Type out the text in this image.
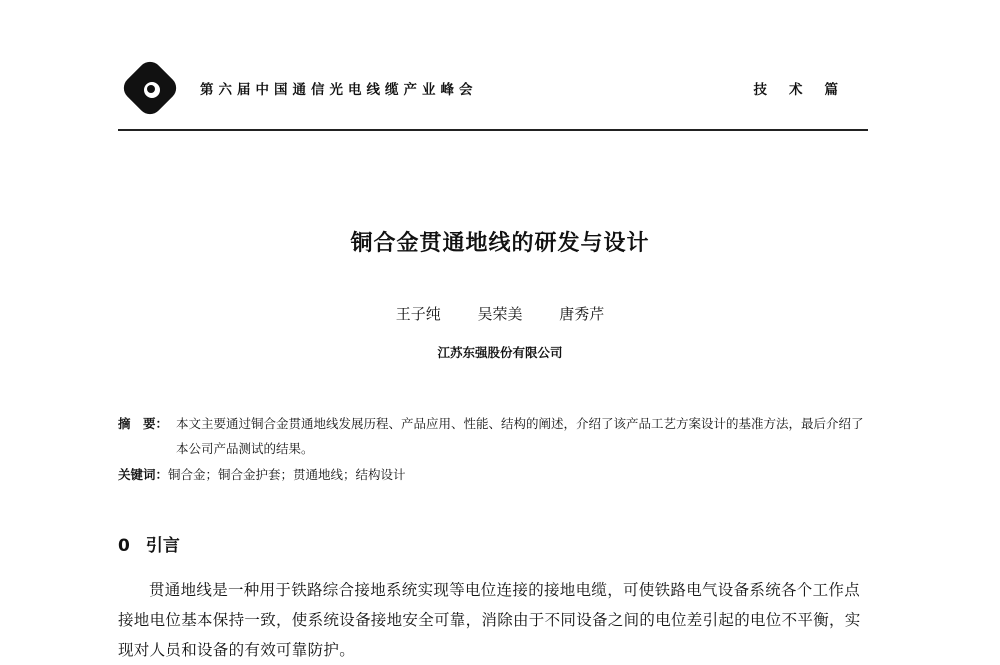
第六届中国通信光电线缆产业峰会	技术篇
铜合金贯通地线的研发与设计
王子纯 吴荣美 唐秀芹
江苏东强股份有限公司
摘　要： 本文主要通过铜合金贯通地线发展历程、产品应用、性能、结构的阐述，介绍了该产品工艺方案设计的基准方法，最后介绍了本公司产品测试的结果。
关键词：铜合金；铜合金护套；贯通地线；结构设计
0 引言
贯通地线是一种用于铁路综合接地系统实现等电位连接的接地电缆，可使铁路电气设备系统各个工作点接地电位基本保持一致，使系统设备接地安全可靠，消除由于不同设备之间的电位差引起的电位不平衡，实现对人员和设备的有效可靠防护。
